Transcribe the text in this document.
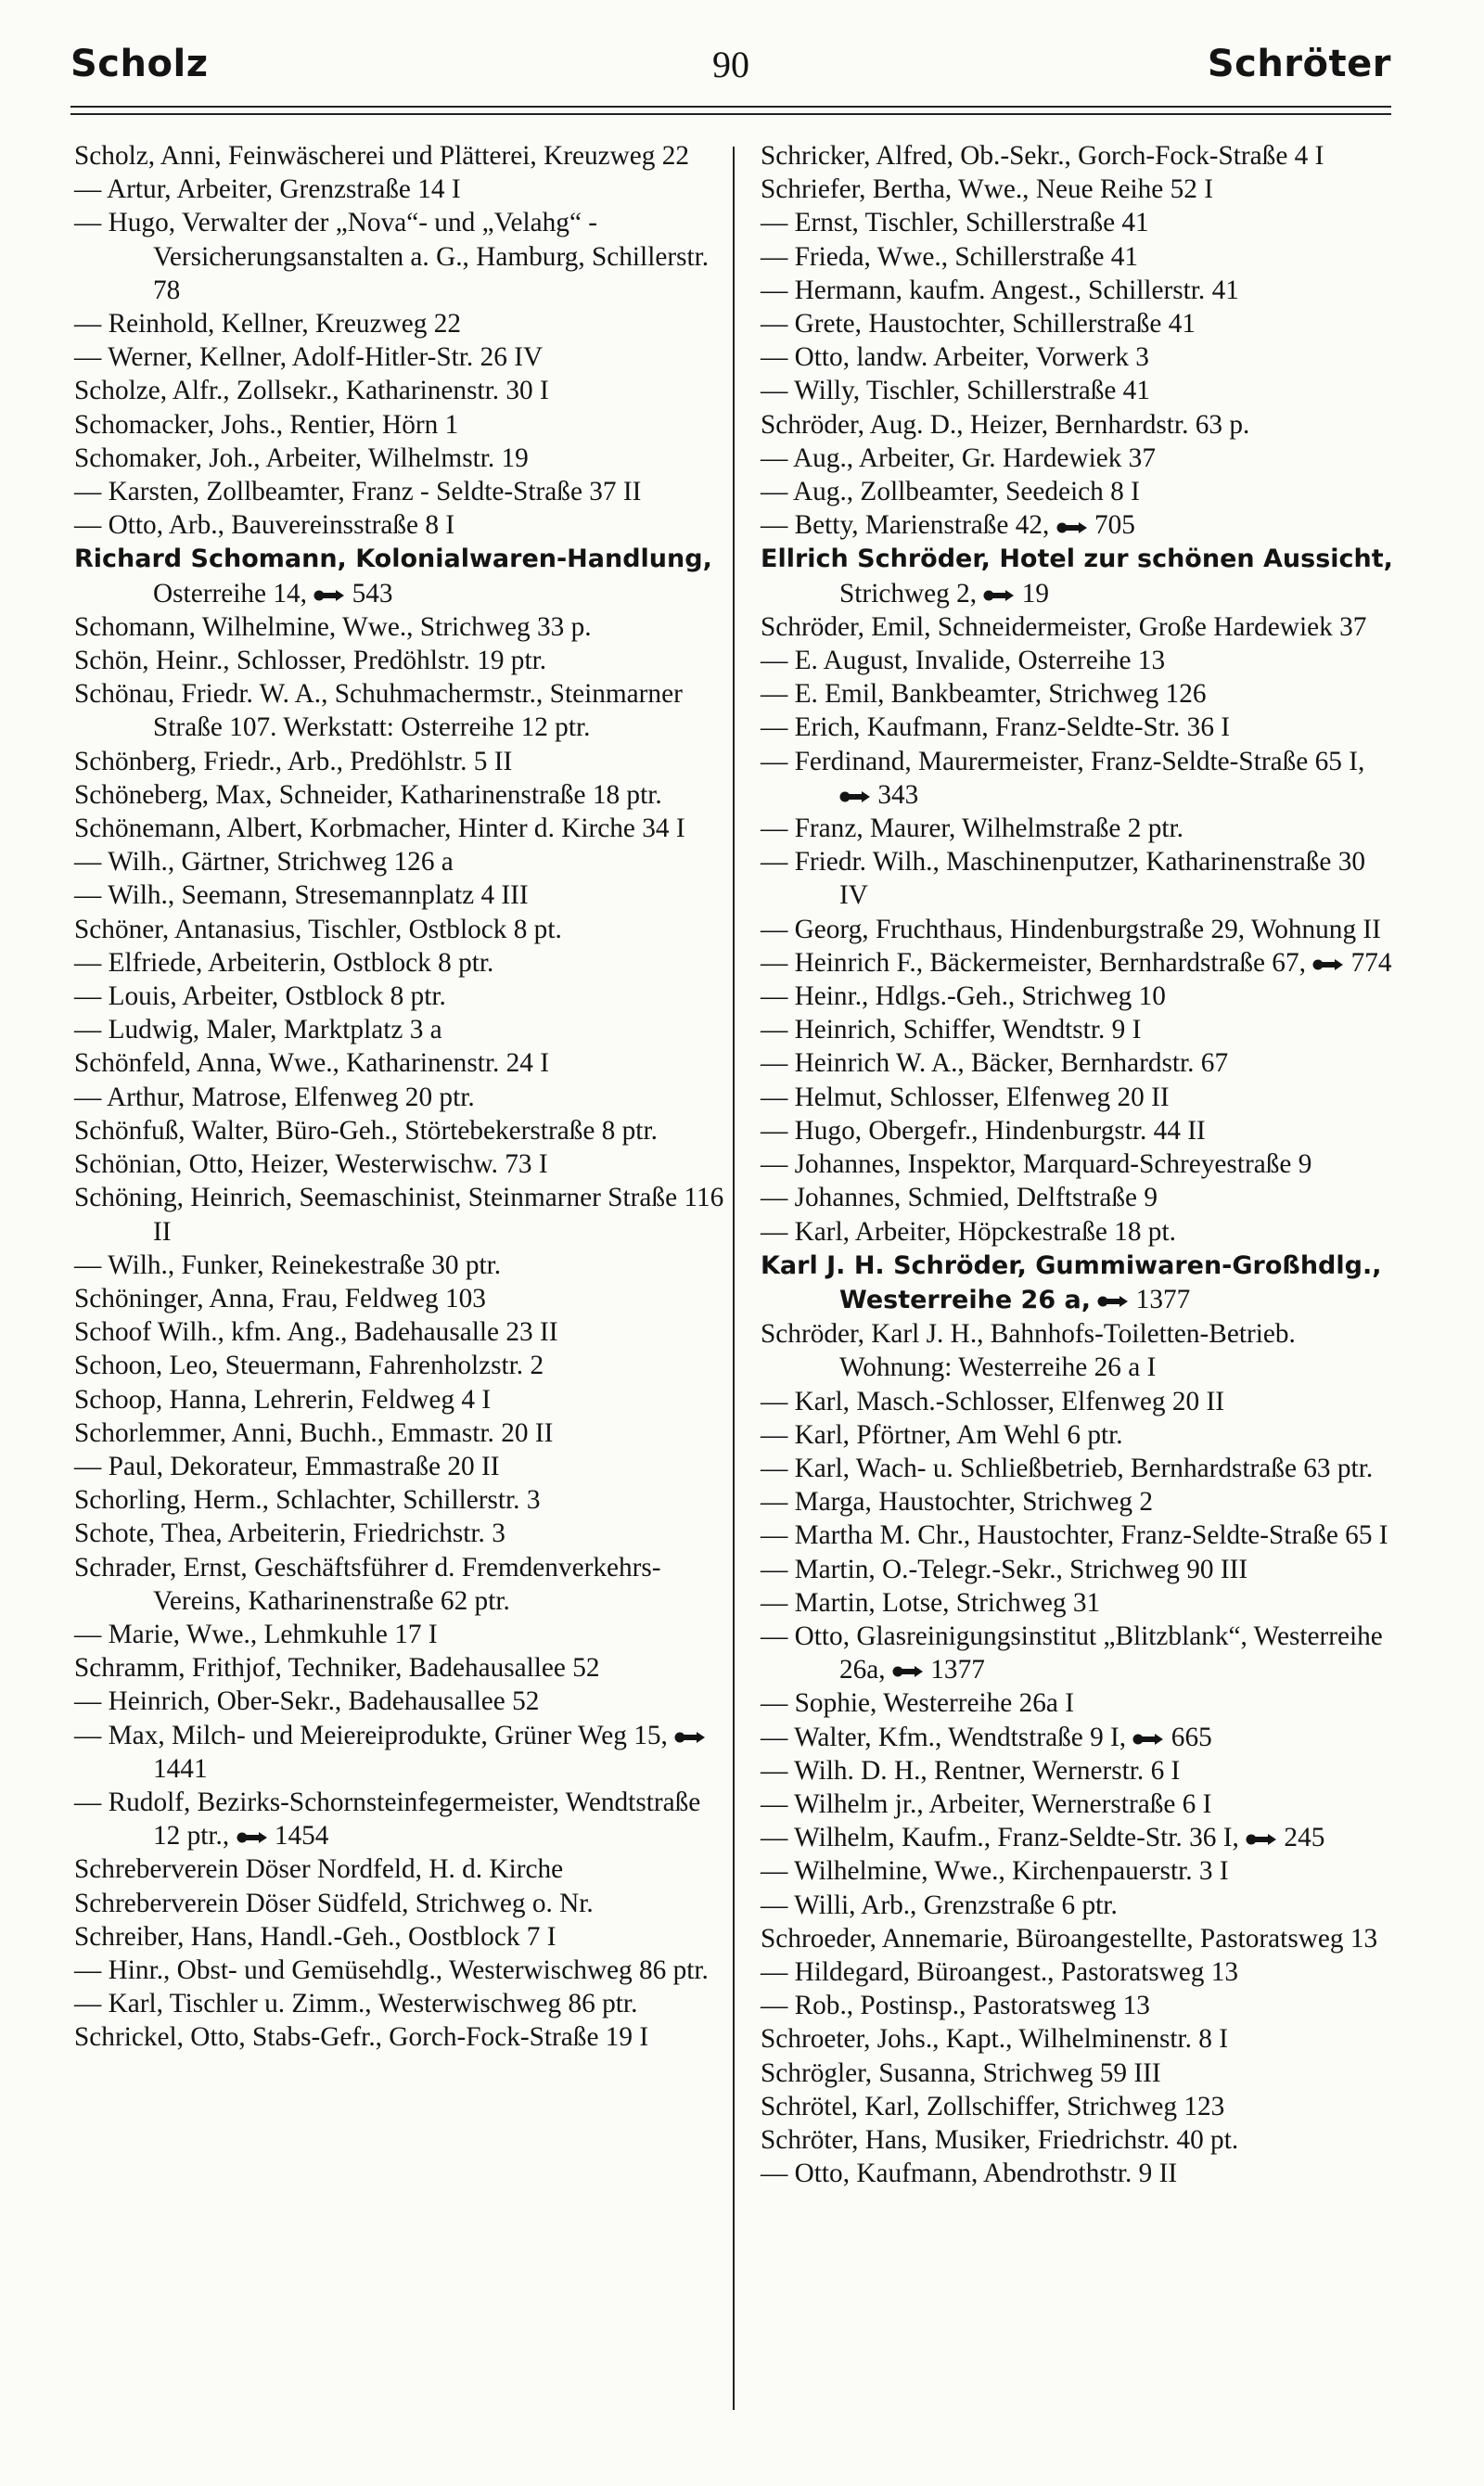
Scholz	90	Schröter

Scholz, Anni, Feinwäscherei und Plätterei, Kreuzweg 22

— Artur, Arbeiter, Grenzstraße 14 I

— Hugo, Verwalter der „Nova“- und „Velahg“ - Versicherungsanstalten a. G., Hamburg, Schillerstr. 78

— Reinhold, Kellner, Kreuzweg 22

— Werner, Kellner, Adolf-Hitler-Str. 26 IV

Scholze, Alfr., Zollsekr., Katharinenstr. 30 I

Schomacker, Johs., Rentier, Hörn 1

Schomaker, Joh., Arbeiter, Wilhelmstr. 19

— Karsten, Zollbeamter, Franz - Seldte-Straße 37 II

— Otto, Arb., Bauvereinsstraße 8 I

Richard Schomann, Kolonialwaren-Handlung, Osterreihe 14,  543

Schomann, Wilhelmine, Wwe., Strichweg 33 p.

Schön, Heinr., Schlosser, Predöhlstr. 19 ptr.

Schönau, Friedr. W. A., Schuhmachermstr., Steinmarner Straße 107. Werkstatt: Osterreihe 12 ptr.

Schönberg, Friedr., Arb., Predöhlstr. 5 II

Schöneberg, Max, Schneider, Katharinenstraße 18 ptr.

Schönemann, Albert, Korbmacher, Hinter d. Kirche 34 I

— Wilh., Gärtner, Strichweg 126 a

— Wilh., Seemann, Stresemannplatz 4 III

Schöner, Antanasius, Tischler, Ostblock 8 pt.

— Elfriede, Arbeiterin, Ostblock 8 ptr.

— Louis, Arbeiter, Ostblock 8 ptr.

— Ludwig, Maler, Marktplatz 3 a

Schönfeld, Anna, Wwe., Katharinenstr. 24 I

— Arthur, Matrose, Elfenweg 20 ptr.

Schönfuß, Walter, Büro-Geh., Störtebekerstraße 8 ptr.

Schönian, Otto, Heizer, Westerwischw. 73 I

Schöning, Heinrich, Seemaschinist, Steinmarner Straße 116 II

— Wilh., Funker, Reinekestraße 30 ptr.

Schöninger, Anna, Frau, Feldweg 103

Schoof Wilh., kfm. Ang., Badehausalle 23 II

Schoon, Leo, Steuermann, Fahrenholzstr. 2

Schoop, Hanna, Lehrerin, Feldweg 4 I

Schorlemmer, Anni, Buchh., Emmastr. 20 II

— Paul, Dekorateur, Emmastraße 20 II

Schorling, Herm., Schlachter, Schillerstr. 3

Schote, Thea, Arbeiterin, Friedrichstr. 3

Schrader, Ernst, Geschäftsführer d. Fremdenverkehrs-Vereins, Katharinenstraße 62 ptr.

— Marie, Wwe., Lehmkuhle 17 I

Schramm, Frithjof, Techniker, Badehausallee 52

— Heinrich, Ober-Sekr., Badehausallee 52

— Max, Milch- und Meiereiprodukte, Grüner Weg 15,  1441

— Rudolf, Bezirks-Schornsteinfegermeister, Wendtstraße 12 ptr.,  1454

Schreberverein Döser Nordfeld, H. d. Kirche

Schreberverein Döser Südfeld, Strichweg o. Nr.

Schreiber, Hans, Handl.-Geh., Oostblock 7 I

— Hinr., Obst- und Gemüsehdlg., Westerwischweg 86 ptr.

— Karl, Tischler u. Zimm., Westerwischweg 86 ptr.

Schrickel, Otto, Stabs-Gefr., Gorch-Fock-Straße 19 I

Schricker, Alfred, Ob.-Sekr., Gorch-Fock-Straße 4 I

Schriefer, Bertha, Wwe., Neue Reihe 52 I

— Ernst, Tischler, Schillerstraße 41

— Frieda, Wwe., Schillerstraße 41

— Hermann, kaufm. Angest., Schillerstr. 41

— Grete, Haustochter, Schillerstraße 41

— Otto, landw. Arbeiter, Vorwerk 3

— Willy, Tischler, Schillerstraße 41

Schröder, Aug. D., Heizer, Bernhardstr. 63 p.

— Aug., Arbeiter, Gr. Hardewiek 37

— Aug., Zollbeamter, Seedeich 8 I

— Betty, Marienstraße 42,  705

Ellrich Schröder, Hotel zur schönen Aussicht, Strichweg 2,  19

Schröder, Emil, Schneidermeister, Große Hardewiek 37

— E. August, Invalide, Osterreihe 13

— E. Emil, Bankbeamter, Strichweg 126

— Erich, Kaufmann, Franz-Seldte-Str. 36 I

— Ferdinand, Maurermeister, Franz-Seldte-Straße 65 I,  343

— Franz, Maurer, Wilhelmstraße 2 ptr.

— Friedr. Wilh., Maschinenputzer, Katharinenstraße 30 IV

— Georg, Fruchthaus, Hindenburgstraße 29, Wohnung II

— Heinrich F., Bäckermeister, Bernhardstraße 67,  774

— Heinr., Hdlgs.-Geh., Strichweg 10

— Heinrich, Schiffer, Wendtstr. 9 I

— Heinrich W. A., Bäcker, Bernhardstr. 67

— Helmut, Schlosser, Elfenweg 20 II

— Hugo, Obergefr., Hindenburgstr. 44 II

— Johannes, Inspektor, Marquard-Schreyestraße 9

— Johannes, Schmied, Delftstraße 9

— Karl, Arbeiter, Höpckestraße 18 pt.

Karl J. H. Schröder, Gummiwaren-Großhdlg., Westerreihe 26 a,  1377

Schröder, Karl J. H., Bahnhofs-Toiletten-Betrieb. Wohnung: Westerreihe 26 a I

— Karl, Masch.-Schlosser, Elfenweg 20 II

— Karl, Pförtner, Am Wehl 6 ptr.

— Karl, Wach- u. Schließbetrieb, Bernhardstraße 63 ptr.

— Marga, Haustochter, Strichweg 2

— Martha M. Chr., Haustochter, Franz-Seldte-Straße 65 I

— Martin, O.-Telegr.-Sekr., Strichweg 90 III

— Martin, Lotse, Strichweg 31

— Otto, Glasreinigungsinstitut „Blitzblank“, Westerreihe 26a,  1377

— Sophie, Westerreihe 26a I

— Walter, Kfm., Wendtstraße 9 I,  665

— Wilh. D. H., Rentner, Wernerstr. 6 I

— Wilhelm jr., Arbeiter, Wernerstraße 6 I

— Wilhelm, Kaufm., Franz-Seldte-Str. 36 I,  245

— Wilhelmine, Wwe., Kirchenpauerstr. 3 I

— Willi, Arb., Grenzstraße 6 ptr.

Schroeder, Annemarie, Büroangestellte, Pastoratsweg 13

— Hildegard, Büroangest., Pastoratsweg 13

— Rob., Postinsp., Pastoratsweg 13

Schroeter, Johs., Kapt., Wilhelminenstr. 8 I

Schrögler, Susanna, Strichweg 59 III

Schrötel, Karl, Zollschiffer, Strichweg 123

Schröter, Hans, Musiker, Friedrichstr. 40 pt.

— Otto, Kaufmann, Abendrothstr. 9 II
